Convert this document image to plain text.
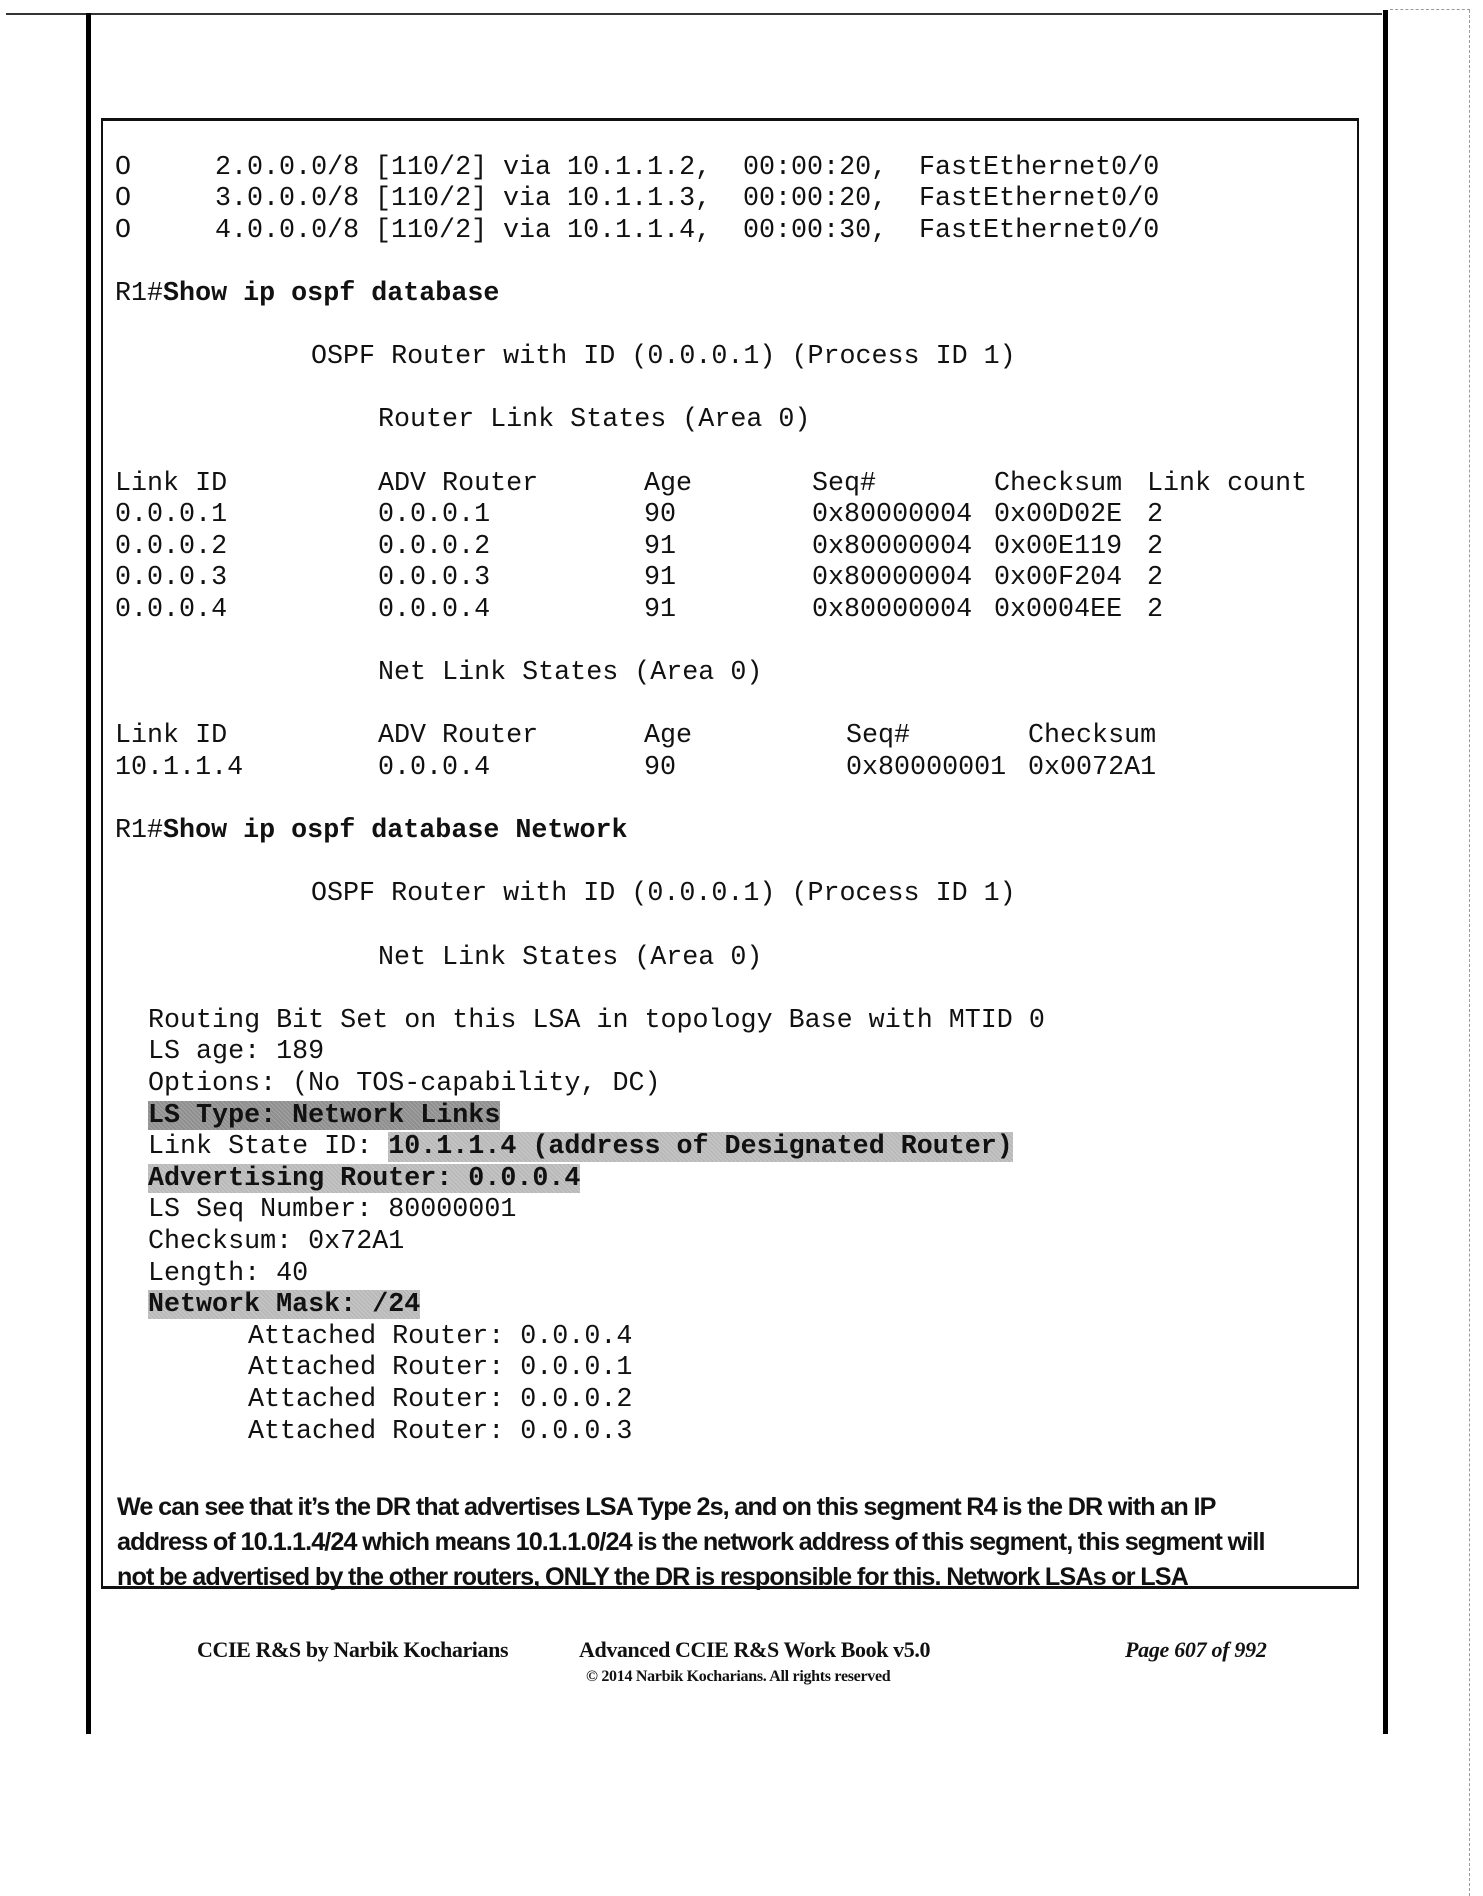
O	2.0.0.0/8 [110/2] via 10.1.1.2, 00:00:20, FastEthernet0/0
O	3.0.0.0/8 [110/2] via 10.1.1.3, 00:00:20, FastEthernet0/0
O	4.0.0.0/8 [110/2] via 10.1.1.4, 00:00:30, FastEthernet0/0
R1#Show ip ospf database
OSPF Router with ID (0.0.0.1) (Process ID 1)
Router Link States (Area 0)
Link ID	ADV Router	Age	Seq#	Checksum Link count
0.0.0.1	0.0.0.1	90	0x80000004 0x00D02E 2
0.0.0.2	0.0.0.2	91	0x80000004 0x00E119 2
0.0.0.3	0.0.0.3	91	0x80000004 0x00F204 2
0.0.0.4	0.0.0.4	91	0x80000004 0x0004EE 2
Net Link States (Area 0)
Link ID	ADV Router	Age	Seq#	Checksum
10.1.1.4	0.0.0.4	90	0x80000001 0x0072A1
R1#Show ip ospf database Network
OSPF Router with ID (0.0.0.1) (Process ID 1)
Net Link States (Area 0)
Routing Bit Set on this LSA in topology Base with MTID 0
LS age: 189
Options: (No TOS-capability, DC)
LS Type: Network Links
Link State ID: 10.1.1.4 (address of Designated Router)
Advertising Router: 0.0.0.4
LS Seq Number: 80000001
Checksum: 0x72A1
Length: 40
Network Mask: /24
Attached Router: 0.0.0.4
Attached Router: 0.0.0.1
Attached Router: 0.0.0.2
Attached Router: 0.0.0.3
We can see that it’s the DR that advertises LSA Type 2s, and on this segment R4 is the DR with an IP
address of 10.1.1.4/24 which means 10.1.1.0/24 is the network address of this segment, this segment will
not be advertised by the other routers, ONLY the DR is responsible for this. Network LSAs or LSA
CCIE R&S by Narbik Kocharians	Advanced CCIE R&S Work Book v5.0
© 2014 Narbik Kocharians. All rights reserved
Page 607 of 992
